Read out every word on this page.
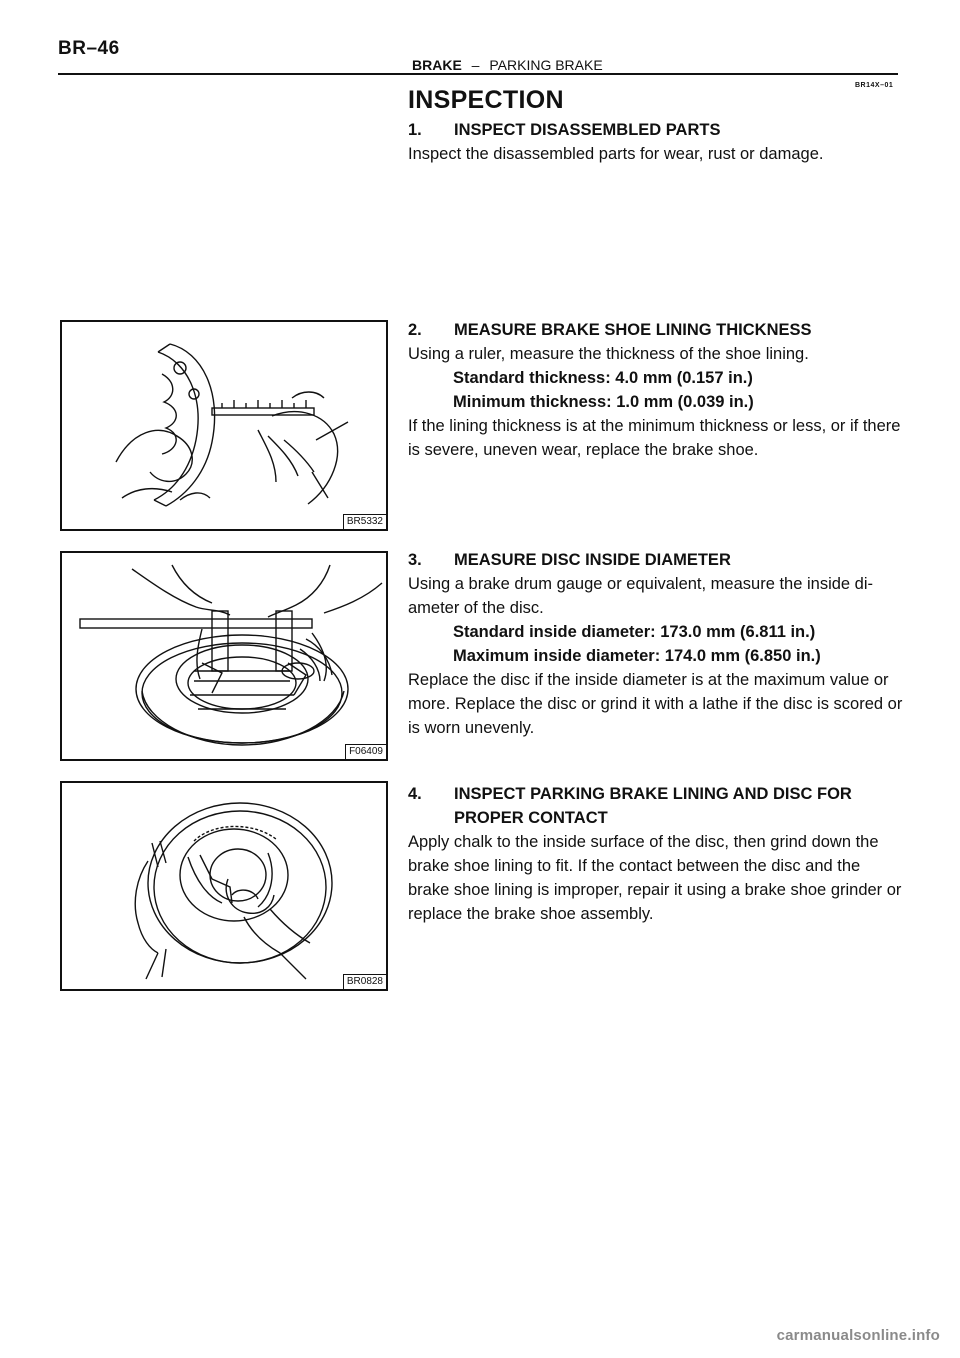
BR–46
BRAKE – PARKING BRAKE
BR14X–01
INSPECTION
1.	INSPECT DISASSEMBLED PARTS

Inspect the disassembled parts for wear, rust or damage.

2.	MEASURE BRAKE SHOE LINING THICKNESS

Using a ruler, measure the thickness of the shoe lining.

Standard thickness: 4.0 mm (0.157 in.)

Minimum thickness: 1.0 mm (0.039 in.)

If the lining thickness is at the minimum thickness or less, or if there is severe, uneven wear, replace the brake shoe.

3.	MEASURE DISC INSIDE DIAMETER

Using a brake drum gauge or equivalent, measure the inside di- ameter of the disc.

Standard inside diameter: 173.0 mm (6.811 in.)

Maximum inside diameter: 174.0 mm (6.850 in.)

Replace the disc if the inside diameter is at the maximum value or more. Replace the disc or grind it with a lathe if the disc is scored or is worn unevenly.

4.	INSPECT PARKING BRAKE LINING AND DISC FOR PROPER CONTACT

Apply chalk to the inside surface of the disc, then grind down the brake shoe lining to fit. If the contact between the disc and the brake shoe lining is improper, repair it using a brake shoe grinder or replace the brake shoe assembly.

BR5332
F06409
BR0828
carmanualsonline.info
